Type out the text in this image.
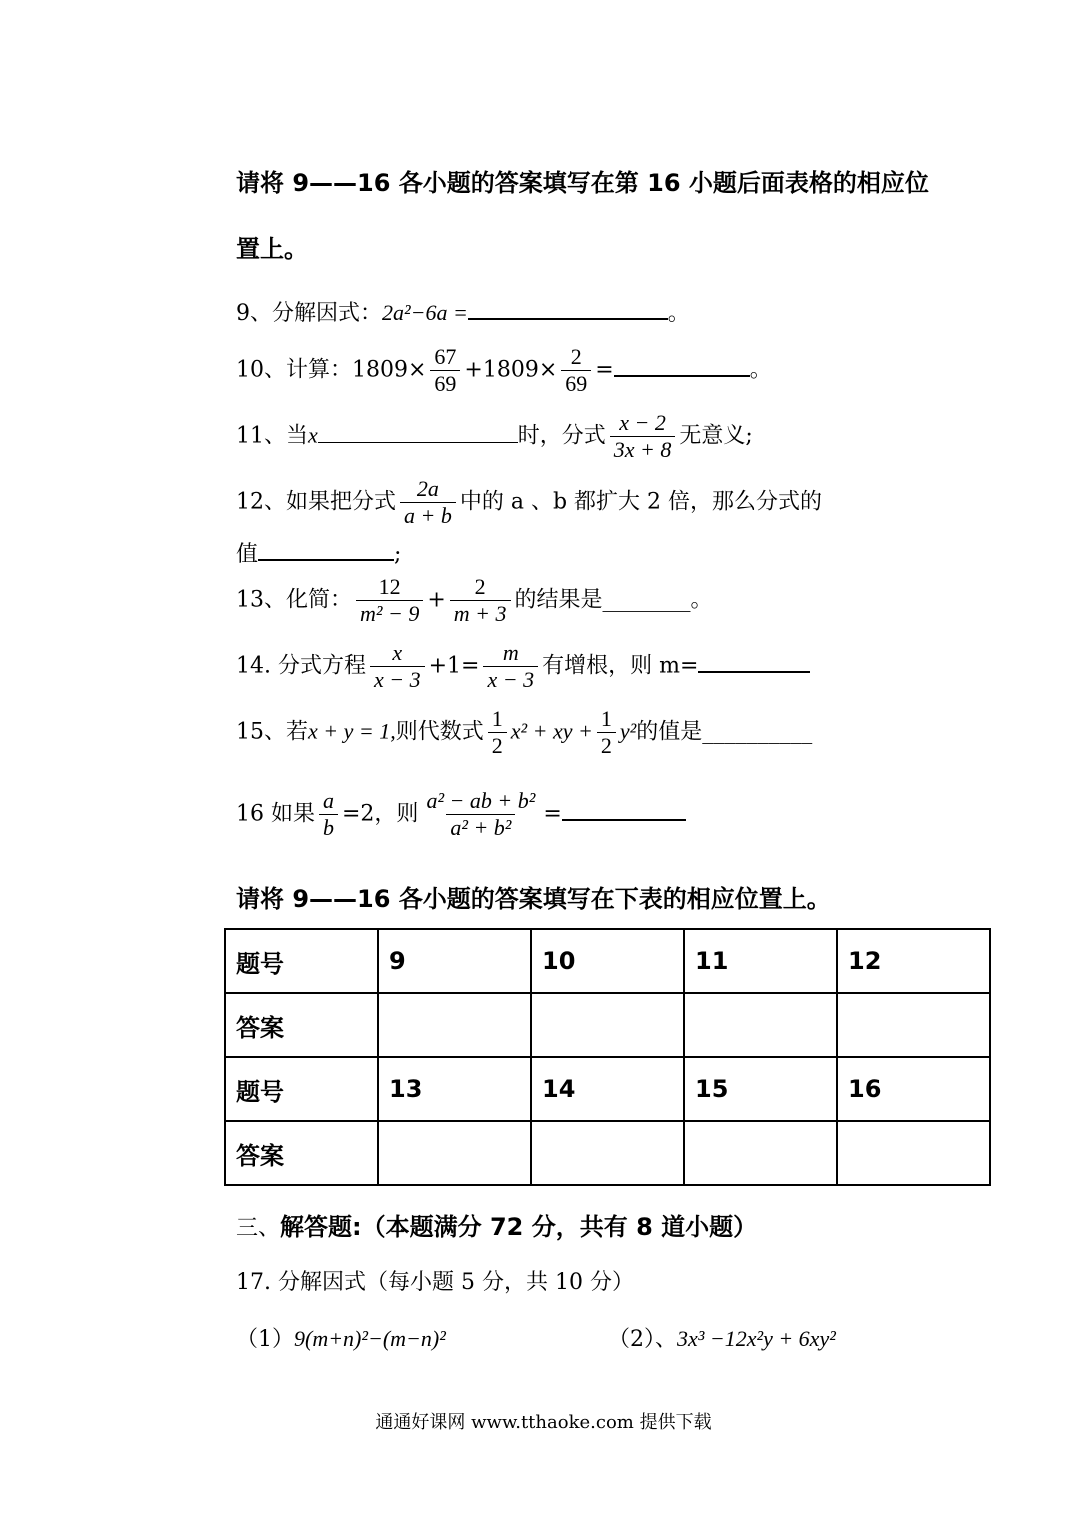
请将 9——16 各小题的答案填写在第 16 小题后面表格的相应位
置上。
9、分解因式：2a²−6a =	。
10、计算：$1809\times \frac{67}{69} +1809\times \frac{2}{69}$ =	。
11、当x	时，分式 $\frac{x - 2}{3x + 8}$ 无意义;
12、如果把分式 $\frac{2a}{a + b}$ 中的 a 、b 都扩大 2 倍，那么分式的
值	;
13、化简： $\frac{12}{\text{m² − 9}} + \frac{2}{m + 3}$ 的结果是________。
14. 分式方程 $\frac{x}{x - 3} +1= \frac{m}{x - 3}$ 有增根，则 m=
15、若x + y = 1,则代数式 $\frac{1}{2} x^2$ + xy + $\frac{1}{2} y^2$的值是__________
16 如果 $\frac{a}{b} =2$，则 $\frac{\text{a² − ab + b²}}{\text{a² + b²}}$ =
请将 9——16 各小题的答案填写在下表的相应位置上。
题号	9	10	11	12
答案				
题号	13	14	15	16
答案				
三、解答题:（本题满分 72 分，共有 8 道小题）
17. 分解因式（每小题 5 分，共 10 分）
（1）9(m+n)²−(m−n)²	（2）、3x³ −12x²y + 6xy²
通通好课网 www.tthaoke.com 提供下载
